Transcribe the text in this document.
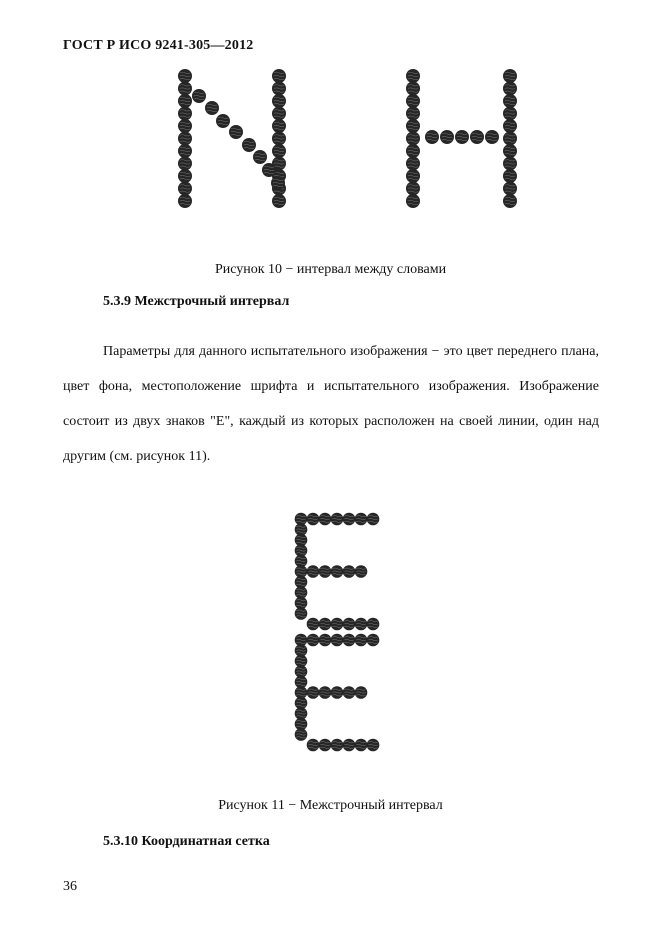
ГОСТ Р ИСО 9241-305—2012
Рисунок 10 − интервал между словами
5.3.9 Межстрочный интервал
Параметры для данного испытательного изображения − это цвет переднего плана, цвет фона, местоположение шрифта и испытательного изображения. Изображение состоит из двух знаков "E", каждый из которых расположен на своей линии, один над другим (см. рисунок 11).
Рисунок 11 − Межстрочный интервал
5.3.10 Координатная сетка
36
